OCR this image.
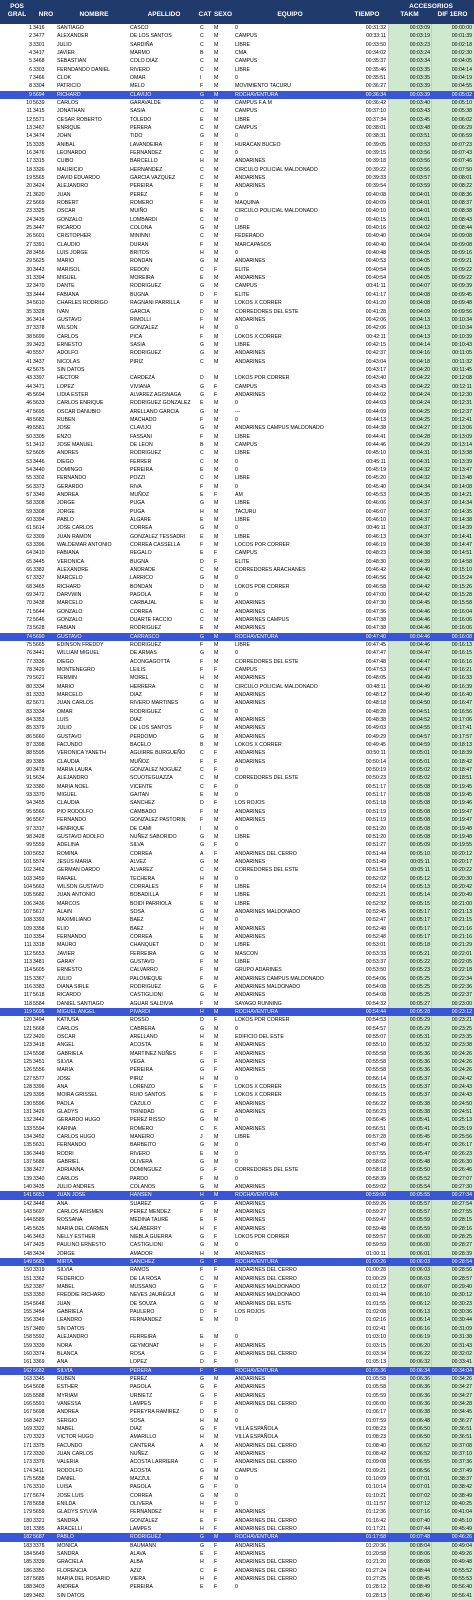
POS
GRAL	NRO	NOMBRE	APELLIDO	CAT SEXO	EQUIPO	TIEMPO
ACCESORIOS
TAKM	DIF 1ERO
1 3416	SANTIAGO	CASCO	C	M	0	00:31:32	00:03:09	00:00:00
2 3477	ALEXANDER	DE LOS SANTOS	C	M	CAMPUS	00:33:11	00:03:19	00:01:39
3 3301	JULIO	SARDIÑA	C	M	LIBRE	00:33:50	00:03:23	00:02:18
4 3417	JAVIER	MARMO	B	M	CMA	00:34:02	00:03:24	00:02:30
5 3468	SEBASTIAN	COLO DIAZ	C	M	CAMPUS	00:35:37	00:03:34	00:04:05
6 3303	FERNDANDO DANIEL	RIVERO	C	M	LIBRE	00:35:46	00:03:35	00:04:14
7 3466	CLOK	OMAR	I	M	0	00:35:51	00:03:35	00:04:19
8 3304	PATRICIO	MELO	F	M	MOVIMIENTO TACURU	00:36:27	00:03:39	00:04:55
9 5694	RICHARD	CLAVIJO	G	M	ROCHAVENTURA	00:36:34	00:03:39	00:05:02
10 5639	CARLOS	GARAVALDE	C	M	CAMPUS F.A.M	00:36:42	00:03:40	00:05:10
11 3415	JONATHAN	SASIA	C	M	CAMPUS	00:37:10	00:03:43	00:05:38
12 5571	CESAR ROBERTO	TOLEDO	E	M	LIBRE	00:37:34	00:03:45	00:06:02
13 3467	ENRIQUE	PERERA	C	M	CAMPUS	00:38:01	00:03:48	00:06:29
14 3474	JOHN	TIDO	G	M	0	00:38:31	00:03:51	00:06:59
15 3335	ANIBAL	LAVANDEIRA	F	M	HURACAN BUCEO	00:39:05	00:03:53	00:07:23
16 3476	LEONARDO	FERNANDEZ	C	M	0	00:39:15	00:03:56	00:07:43
17 3315	CUIBO	BARCELLO	H	M	ANDARINES	00:39:18	00:03:56	00:07:46
18 3326	MAURICIO	HERNANDEZ	C	M	CIRCULO POLICIAL MALDONADO	00:39:22	00:03:56	00:07:50
19 5565	DAVID EDUARDO	GARCIA VAZQUEZ	C	M	ANDARINES	00:39:33	00:03:57	00:08:01
20 3424	ALEJANDRO	PEREIRA	F	M	ANDARINES	00:39:54	00:03:59	00:08:22
21 3620	JUAN	PEREZ	F	M	0	00:40:08	00:04:01	00:08:36
22 5669	ROBERT	ROMERO	F	M	MAQUINA	00:40:09	00:04:01	00:08:37
23 3325	OSCAR	MUIÑO	E	M	CIRCULO POLICIAL MALDONADO	00:40:10	00:04:01	00:08:38
24 3439	GONZALO	LOMBARDI	C	M	0	00:40:15	00:04:01	00:08:43
25 3447	RICARDO	COLONA	G	M	LIBRE	00:40:16	00:04:02	00:08:44
26 5601	CRISTOPHER	MININNI	C	M	FEDERADO	00:40:40	00:04:04	00:09:08
27 3391	CLAUDIO	DURAN	F	M	MARCAPASOS	00:40:40	00:04:04	00:09:08
28 3456	LUIS JORGE	BRITOS	H	M	0	00:40:48	00:04:05	00:09:16
29 5625	MARIO	RONDAN	G	M	ANDARINES	00:40:53	00:04:05	00:09:21
30 3443	MARISOL	REDON	C	F	ELITE	00:40:54	00:04:05	00:09:22
31 3394	MIGUEL	MOREIRA	E	M	ANDARINES	00:40:54	00:04:05	00:09:22
32 3470	DANTE	RODRIGUEZ	G	M	CAMPUS	00:41:11	00:04:07	00:09:39
33 3444	FABIANA	BUGNA	D	F	ELITE	00:41:17	00:04:08	00:09:45
34 5610	CHARLES RODRIGO	RAGNANI PARRILLA	F	M	LOKOS X CORRER	00:41:20	00:04:08	00:09:48
35 3328	IVAN	GARCIA	D	M	CORREDORES DEL ESTE	00:41:28	00:04:09	00:09:56
36 3414	GUSTAVO	RIMOLLI	F	M	ANDARINES	00:42:06	00:04:13	00:10:34
37 3378	WILSON	GONZALEZ	H	M	0	00:42:06	00:04:13	00:10:34
38 5699	CARLOS	PICA	F	M	LOKOS X CORRER	00:42:11	00:04:13	00:10:39
39 3423	ERNESTO	SASIA	G	M	LIBRE	00:42:15	00:04:14	00:10:43
40 5557	ADOLFO	RODRIGUEZ	G	M	ANDARINES	00:42:37	00:04:16	00:11:05
41 3437	NICOLAS	PIRIZ	C	M	ANDARINES	00:43:04	00:04:18	00:11:32
42 5675	SIN DATOS	00:43:17	00:04:20	00:11:45
43 3397	HECTOR	CARDEZA	D	M	LOKOS POR CORRER	00:43:40	00:04:22	00:12:08
44 3471	LOPEZ	VIVIANA	G	F	CAMPUS	00:43:43	00:04:22	00:12:11
45 5694	LIDIA ESTER	ALVAREZ AGISNAGA	G	F	ANDARINES	00:44:02	00:04:24	00:12:30
46 5633	CARLOS ENRIQUE	RODRIGUEZ GONZALEZ	E	M	0	00:44:03	00:04:24	00:12:31
47 5695	OSCAR DANUBIO	ARELLANO GARCIA	G	M	---	00:44:09	00:04:25	00:12:37
48 5682	RUBEN	MACHADO	F	M	0	00:44:13	00:04:25	00:12:41
49 5581	JOSE	CLAVIJO	G	M	ANDARINES CAMPUS MALDONADO	00:44:38	00:04:27	00:13:06
50 3305	ENZO	FASSANI	F	M	LIBRE	00:44:41	00:04:28	00:13:09
51 3412	JOSÉ MANUEL	DE LEON	B	M	CAMPUS	00:44:46	00:04:29	00:13:14
52 5605	ANDRES	RODRIGUEZ	C	M	LIBRE	00:45:10	00:04:31	00:13:38
53 3446	DIEGO	FERRER	C	M	0	00:45:11	00:04:31	00:13:39
54 3440	DOMINGO	PEREIRA	E	M	0	00:45:19	00:04:32	00:13:47
55 3302	FERNANDO	POZZI	C	M	LIBRE	00:45:20	00:04:32	00:13:48
56 3373	GERARDO	RIVA	F	M	0	00:45:40	00:04:34	00:14:08
57 3349	ANDREA	MUÑOZ	E	F	AM	00:45:53	00:04:35	00:14:21
58 3308	JORGE	PUGA	G	M	LIBRE	00:46:06	00:04:37	00:14:34
59 3308	JORGE	PUGA	H	M	TACURU	00:46:07	00:04:37	00:14:35
60 3394	PABLO	ALGARE	E	M	LIBRE	00:46:10	00:04:37	00:14:38
61 5614	JOSE CARLOS	CORREA	G	M	0	00:46:11	00:04:37	00:14:39
62 3309	JUAN RAMON	GONZALEZ TESSADRI	E	M	LIBRE	00:46:13	00:04:37	00:14:41
63 3396	WALDEMAR ANTONIO	CORREA CASSELLA	F	M	LOCOS POR CORRER	00:46:19	00:04:38	00:14:47
64 3410	FABIANA	REGALO	E	F	CAMPUS	00:48:23	00:04:38	00:14:51
65 3445	VERONICA	BUGNA	D	F	ELITE	00:48:30	00:04:39	00:14:58
66 3382	ALEXANDRE	ANDRADE	C	M	CORREDORES ARACHANES	00:46:42	00:04:40	00:15:10
67 3337	MARCELO	LARRICO	G	M	0	00:46:56	00:04:42	00:15:24
68 3465	RICHARD	BONDAN	D	M	LOKOS POR CORRER	00:46:58	00:04:42	00:15:26
69 3472	DARVWIN	PAGOLA	F	M	0	00:47:00	00:04:42	00:15:28
70 3438	MARCELO	CARBAJAL	E	M	ANDARINES	00:47:30	00:04:45	00:15:58
71 5644	GONZALO	CORREA	C	M	ANDARINES	00:47:36	00:04:46	00:16:04
72 5646	GONZALO	DUARTE FACCIO	C	M	ANDARINES CAMPUS	00:47:38	00:04:46	00:16:06
73 5628	FABIAN	RODRIGUEZ	E	M	ANDARINES	00:47:38	00:04:46	00:16:06
74 5690	GUSTAVO	CARRASCO	G	M	ROCHAVENTURA	00:47:40	00:04:46	00:16:08
75 5665	EDINSON FREDDY	RODRIGUEZ	F	M	LIBRE	00:47:45	00:04:46	00:16:13
76 3441	WILLIAM MIGUEL	DE ARMAS	G	M	0	00:47:47	00:04:47	00:16:15
77 3336	DIEGO	ACONGAGOTTA	F	M	CORREDORES DEL ESTE	00:47:48	00:04:47	00:16:16
78 3429	MONTENEGRO	LEILIS	F	F	CAMPUS	00:47:53	00:04:47	00:16:21
79 5621	FERMIN	MOREL	H	M	ANDARINES	00:48:05	00:04:49	00:16:33
80 3334	MARIO	HERRERA	C	M	CIRCULO POLICIAL MALDONADO	00:48:11	00:04:49	00:16:39
81 3333	MARCELO	DIAZ	F	M	ANDARINES	00:48:12	00:04:49	00:16:40
82 5671	JUAN CARLOS	RIVERO MARTINES	G	M	ANDARINES	00:48:18	00:04:50	00:16:47
83 3334	OMAR	RODRIGUEZ	C	M	0	00:48:28	00:04:51	00:16:56
84 3353	LUIS	DIAZ	G	M	ANDARINES	00:48:38	00:04:52	00:17:06
85 3379	JULIO	DE LOS SANTOS	F	M	ANDARINES	00:49:03	00:04:55	00:17:41
86 5660	GUSTAVO	PERDOMO	G	M	ANDARINES	00:49:29	00:04:57	00:17:57
87 3398	FACUNDO	BACELO	B	M	LOKOS X CORRER	00:49:45	00:04:59	00:18:13
88 5595	VERONICA YANETH	AGUIRRE BURGUEÑO	C	F	ANDARINES	00:50:11	00:05:01	00:18:39
89 3385	CLAUDIA	MUÑOZ	F	F	ANDARINES	00:50:14	00:05:01	00:18:42
90 3478	MARIA LAURA	GONZALEZ NOGUEZ	C	F	0	00:50:19	00:05:02	00:18:47
91 5634	ALEJANDRO	SCUOTEGUAZZA	C	M	CORREDORES DEL ESTE	00:50:23	00:05:02	00:18:51
92 3380	MARIA NOEL	VICENTE	C	F	0	00:51:17	00:05:08	00:19:45
93 3370	MIGUEL	GAITAN	E	M	0	00:51:17	00:05:08	00:19:45
94 3455	CLAUDIA	SANCHEZ	D	F	LOS ROJOS	00:51:18	00:05:08	00:19:46
95 5566	PIO RODOLFO	CAMBADO	F	M	ANDARINES	00:51:19	00:05:08	00:19:47
96 5567	FERNANDO	GONZALEZ PASTORIN	F	M	ANDARINES	00:51:19	00:05:08	00:19:47
97 3317	HENRIQUE	DE CAMI	I	M	0	00:51:20	00:05:08	00:19:48
98 3428	GUSTAVO ADOLFO	NUÑEZ SABORIDO	G	M	LIBRE	00:51:20	00:05:08	00:19:48
99 5559	ADELINA	SILVA	G	F	0	00:51:27	00:05:09	00:19:55
100 5652	ROMINA	CORREA	A	F	ANDARINES DEL CERRO	00:51:44	00:05:10	00:20:12
101 5574	JESUS MARIA	ALVEZ	G	M	ANDARINES	00:51:49	00:05:11	00:20:17
102 3462	GERMAN DARDO	ALVAREZ	C	M	CORREDORES DEL ESTE	00:51:54	00:05:11	00:20:22
103 3459	RAFAEL	TECHERA	H	M	0	00:52:02	00:05:12	00:20:30
104 5663	WILSON GUSTAVO	CORRALES	F	M	LIBRE	00:52:14	00:05:13	00:20:42
105 5682	JUAN ANTONIO	BOBADILLA	F	M	LIBRE	00:52:21	00:05:14	00:20:49
106 3436	MARCOS	BOIDI PARRIOLA	E	M	LIBRE	00:52:32	00:05:15	00:21:00
107 5617	ALAIN	SOSA	G	M	ANDARINES MALDONADO	00:52:45	00:05:17	00:21:13
108 3393	MAXIMILIANO	BAEZ	C	M	0	00:52:47	00:05:17	00:21:15
109 3358	ELIO	BAEZ	H	M	ANDARINES	00:52:48	00:05:17	00:21:16
110 3354	FERNANDO	CORREA	E	M	ANDARINES	00:52:48	00:05:17	00:21:16
111 3318	MAURO	CHANQUET	D	M	LIBRE	00:53:01	00:05:18	00:21:29
112 5653	JAVIER	FERREIRA	G	M	MASCON	00:53:33	00:05:21	00:22:01
113 3481	GARAY	GUSTAVO	F	M	LIBRE	00:53:37	00:05:22	00:22:05
114 5605	ERNESTO	CALVARRO	F	M	GRUPO ADARINES	00:53:50	00:05:23	00:22:18
115 3367	JULIO	PALOMEQUE	F	M	ANDARINES CAMPUS MALDONADO	00:54:06	00:05:25	00:22:34
116 3383	DIANA SIRLE	RODRIGUEZ	G	F	ANDARINES MALDONADO	00:54:08	00:05:25	00:22:36
117 5618	RICARDO	CASTIGLIONI	G	M	ANDARINES	00:54:08	00:05:25	00:22:37
118 5584	DANIEL SANTIAGO	AGUAR SALDIVIA	F	M	SAYAGO RUNNING	00:54:32	00:05:27	00:23:00
119 5696	MIGUEL ANGEL	PIVARDI	H	M	ROCHAVENTURA	00:54:44	00:05:28	00:23:12
120 3494	KATIUSA	ROSSO	D	F	LOKOS POR CORRER	00:54:53	00:05:29	00:23:21
121 5668	CARLOS	CABRERA	G	M	0	00:54:57	00:05:29	00:23:25
122 3420	OSCAR	ARELLANO	H	M	EDIFICIO DEL ESTE	00:55:07	00:05:31	00:23:35
123 3418	ANGEL	ACOSTA	E	M	ANDARINES	00:55:10	00:05:32	00:23:38
124 5598	GABRIELA	MARTINEZ NUÑES	F	F	ANDARINES	00:55:58	00:05:36	00:24:26
125 3451	SILVIA	VEGA	G	F	ANDARINES	00:55:58	00:05:36	00:24:26
126 5556	MARIA	PEREIRA	G	F	ANDARINES	00:55:58	00:05:36	00:24:26
127 5577	JOSE	PIRIZ	H	M	0	00:56:14	00:05:37	00:24:42
128 3396	ANA	LORENZO	E	F	LOKOS X CORRER	00:56:15	00:05:37	00:24:43
129 3395	MOIRA GRISSEL	RUIO SANTOS	E	F	LOKOS X CORRER	00:56:15	00:05:37	00:24:43
130 5596	PAOLA	CAZULO	C	F	ANDARINES	00:56:22	00:05:38	00:24:50
131 3426	GLADYS	TRINIDAD	G	F	ANDARINES	00:56:23	00:05:38	00:24:51
132 3442	GERARDO HUGO	PEREZ RISSO	G	M	0	00:56:45	00:05:41	00:25:13
133 5594	KARINA	ROMERO	C	F	ANDARINES	00:56:51	00:05:41	00:25:19
134 3452	CARLOS HUGO	MANEIRO	J	M	LIBRE	00:57:28	00:05:45	00:25:56
135 5631	FERNANDO	BARBEITO	G	M	0	00:57:49	00:05:47	00:26:17
136 3449	RODRI	RIVERO	E	M	0	00:57:55	00:05:47	00:26:23
137 5686	GABRIEL	OLIVERA	G	M	0	00:58:02	00:05:48	00:26:30
138 3427	ADRIANNA	DOMINGUEZ	G	F	CORREDORES DEL ESTE	00:58:18	00:05:50	00:26:46
139 3340	CARLOS	PARDO	F	M	0	00:58:39	00:05:52	00:27:07
140 3435	JULIO ANDRES	COLANOS	G	M	ANDARINES	00:59:02	00:05:54	00:27:30
141 5651	JUAN JOSE	HANSEN	H	M	ROCHAVENTURA	00:59:06	00:05:55	00:27:34
142 3448	ANA	SUAREZ	G	F	ANDARINES	00:59:26	00:05:57	00:27:54
143 5697	CARLOS ARISMEN	PEREZ MENDEZ	F	M	ANDARINES	00:59:27	00:05:57	00:27:55
144 5589	ROSSANA	MEDINA TAURÉ	E	F	ANDARINES	00:59:47	00:05:59	00:28:15
145 5635	MARIA DEL CARMEN	SALABERRY	H	F	ANDARINES	00:59:48	00:05:59	00:28:16
146 3463	NELLY ESTHER	NIEBLA GUERRA	G	F	LOKOS POR CORRER	00:59:57	00:06:00	00:28:25
147 3425	PAULINO ERNESTO	CASTIGLIONI	G	M	0	00:59:59	00:06:00	00:28:27
148 3434	JORGE	AMADOR	H	M	ANDARINES	01:00:11	00:06:01	00:28:39
149 5681	MIRTA	SANCHEZ	G	F	ROCHAVENTURA	01:00:26	00:06:03	00:28:54
150 3319	SILVIA	RAMOS	F	F	ANDARINES DEL CERRO	01:00:28	00:06:03	00:28:56
151 3362	FEDERICO	DE LA ROSA	C	M	ANDARINES DEL CERRO	01:00:29	00:06:03	00:28:57
152 3387	MABEL	MUSSANO	G	F	ANDARINES MALDONADO	01:01:12	00:06:07	00:29:40
153 3350	FREDDIE RICHARD	NEVES JAURÉGUI	G	M	ANDARINES MALDONADO	01:01:44	00:06:10	00:30:12
154 5648	JUAN	DE SOUZA	G	M	ANDARINES DEL ESTE	01:01:55	00:06:12	00:30:23
155 3454	GABRIELA	PAULERO	D	F	LOS ROJOS	01:02:08	00:06:13	00:30:36
156 3349	LEANDRO	FERNANDEZ	E	M	0	01:02:16	00:06:14	00:30:44
157 3480	SIN DATOS	01:02:41	00:06:16	00:31:09
158 5592	ALEJANDRO	FERREIRA	E	M	0	01:03:10	00:06:19	00:31:38
159 3339	NORA	GEYMONAT	H	F	ANDARINES	01:03:15	00:06:20	00:31:43
160 3374	BLANCA	ROSA	G	F	ANDARINES DEL CERRO	01:03:34	00:06:22	00:32:02
161 3369	ANA	LOPEZ	D	F	0	01:05:13	00:06:32	00:33:41
162 5682	SILVIA	PERERA	F	F	ROCHAVENTURA	01:05:36	00:06:34	00:34:04
163 3345	RUBEN	PEREZ	G	M	ANDARINES	01:05:58	00:06:36	00:34:26
164 5608	ESTHER	PAGOLA	G	F	ANDARINES	01:05:58	00:06:36	00:34:27
165 5588	MYRIAM	URBIETZ	G	F	ANDARINES	01:05:59	00:06:36	00:34:27
166 5591	VANESSA	LAMPES	F	F	ANDARINES DEL CERRO	01:06:00	00:06:36	00:34:28
167 5698	ANDREA	PEREYRA RAMIREZ	D	F	0	01:06:17	00:06:38	00:34:45
168 3427	SERGIO	SOSA	H	M	0	01:07:59	00:06:48	00:36:27
169 3322	MABEL	DIAZ	G	F	VILLA ESPAÑOLA	01:08:23	00:06:50	00:36:51
170 3323	VICTOR HUGO	AMARILLO	H	M	VILLA ESPAÑOLA	01:08:23	00:06:50	00:36:51
171 3375	FACUNDO	CANTERA	A	M	ANDARINES DEL CERRO	01:08:40	00:06:52	00:37:08
172 3330	JUAN CARLOS	NUÑEZ	G	M	ANDARINES	01:08:42	00:06:52	00:37:10
173 3376	VALERIA	ACOSTA LARRIERA	C	F	ANDARINES DEL CERRO	01:09:08	00:06:55	00:37:36
174 3411	RODOLFO	ACOSTA	G	M	CAMPUS	01:09:21	00:06:56	00:37:49
175 5658	DANIEL	MAZZUL	F	M	0	01:10:09	00:07:01	00:38:37
176 3310	LUISA	PAGOLA	G	F	0	01:10:14	00:07:01	00:38:42
177 5674	JOSE LUIS	CORREA	G	M	0	01:10:21	00:07:02	00:38:49
178 5658	ENILDA	OLIVERA	H	F	0	01:11:57	00:07:12	00:40:25
179 5659	GLADYS SYLVIA	FERNANDEZ	H	F	ANDARINES	01:12:36	00:07:16	00:41:04
180 3321	SANDRA	GONZALEZ	E	F	ANDARINES DEL CERRO	01:16:42	00:07:40	00:45:10
181 3385	ARACELLI	LAMPES	H	F	ANDARINES DEL CERRO	01:17:21	00:07:44	00:45:49
182 5687	PABLO	RODRIGUEZ	G	M	ROCHAVENTURA	01:17:58	00:07:48	00:46:26
183 3376	MONICA	BAUMANN	G	F	ANDARINES	01:20:36	00:08:04	00:49:04
184 5649	SANDRA	ALAVA	E	F	ANDARINES	01:20:58	00:08:06	00:49:26
185 3339	GRACIELA	ALBA	H	F	ANDARINES DEL CERRO	01:21:20	00:08:08	00:49:48
186 3350	FLORENCIA	AZIZ	C	F	ANDARINES DEL CERRO	01:27:24	00:08:44	00:55:52
187 5685	MARIA DEL ROSARIO	VIERA	H	F	ANDARINES DEL CERRO	01:27:25	00:08:45	00:55:53
188 3403	ANDREA	PEREIRA	E	F	0	01:28:12	00:08:49	00:56:40
189 3482	SIN DATOS	01:28:13	00:08:49	00:56:41
